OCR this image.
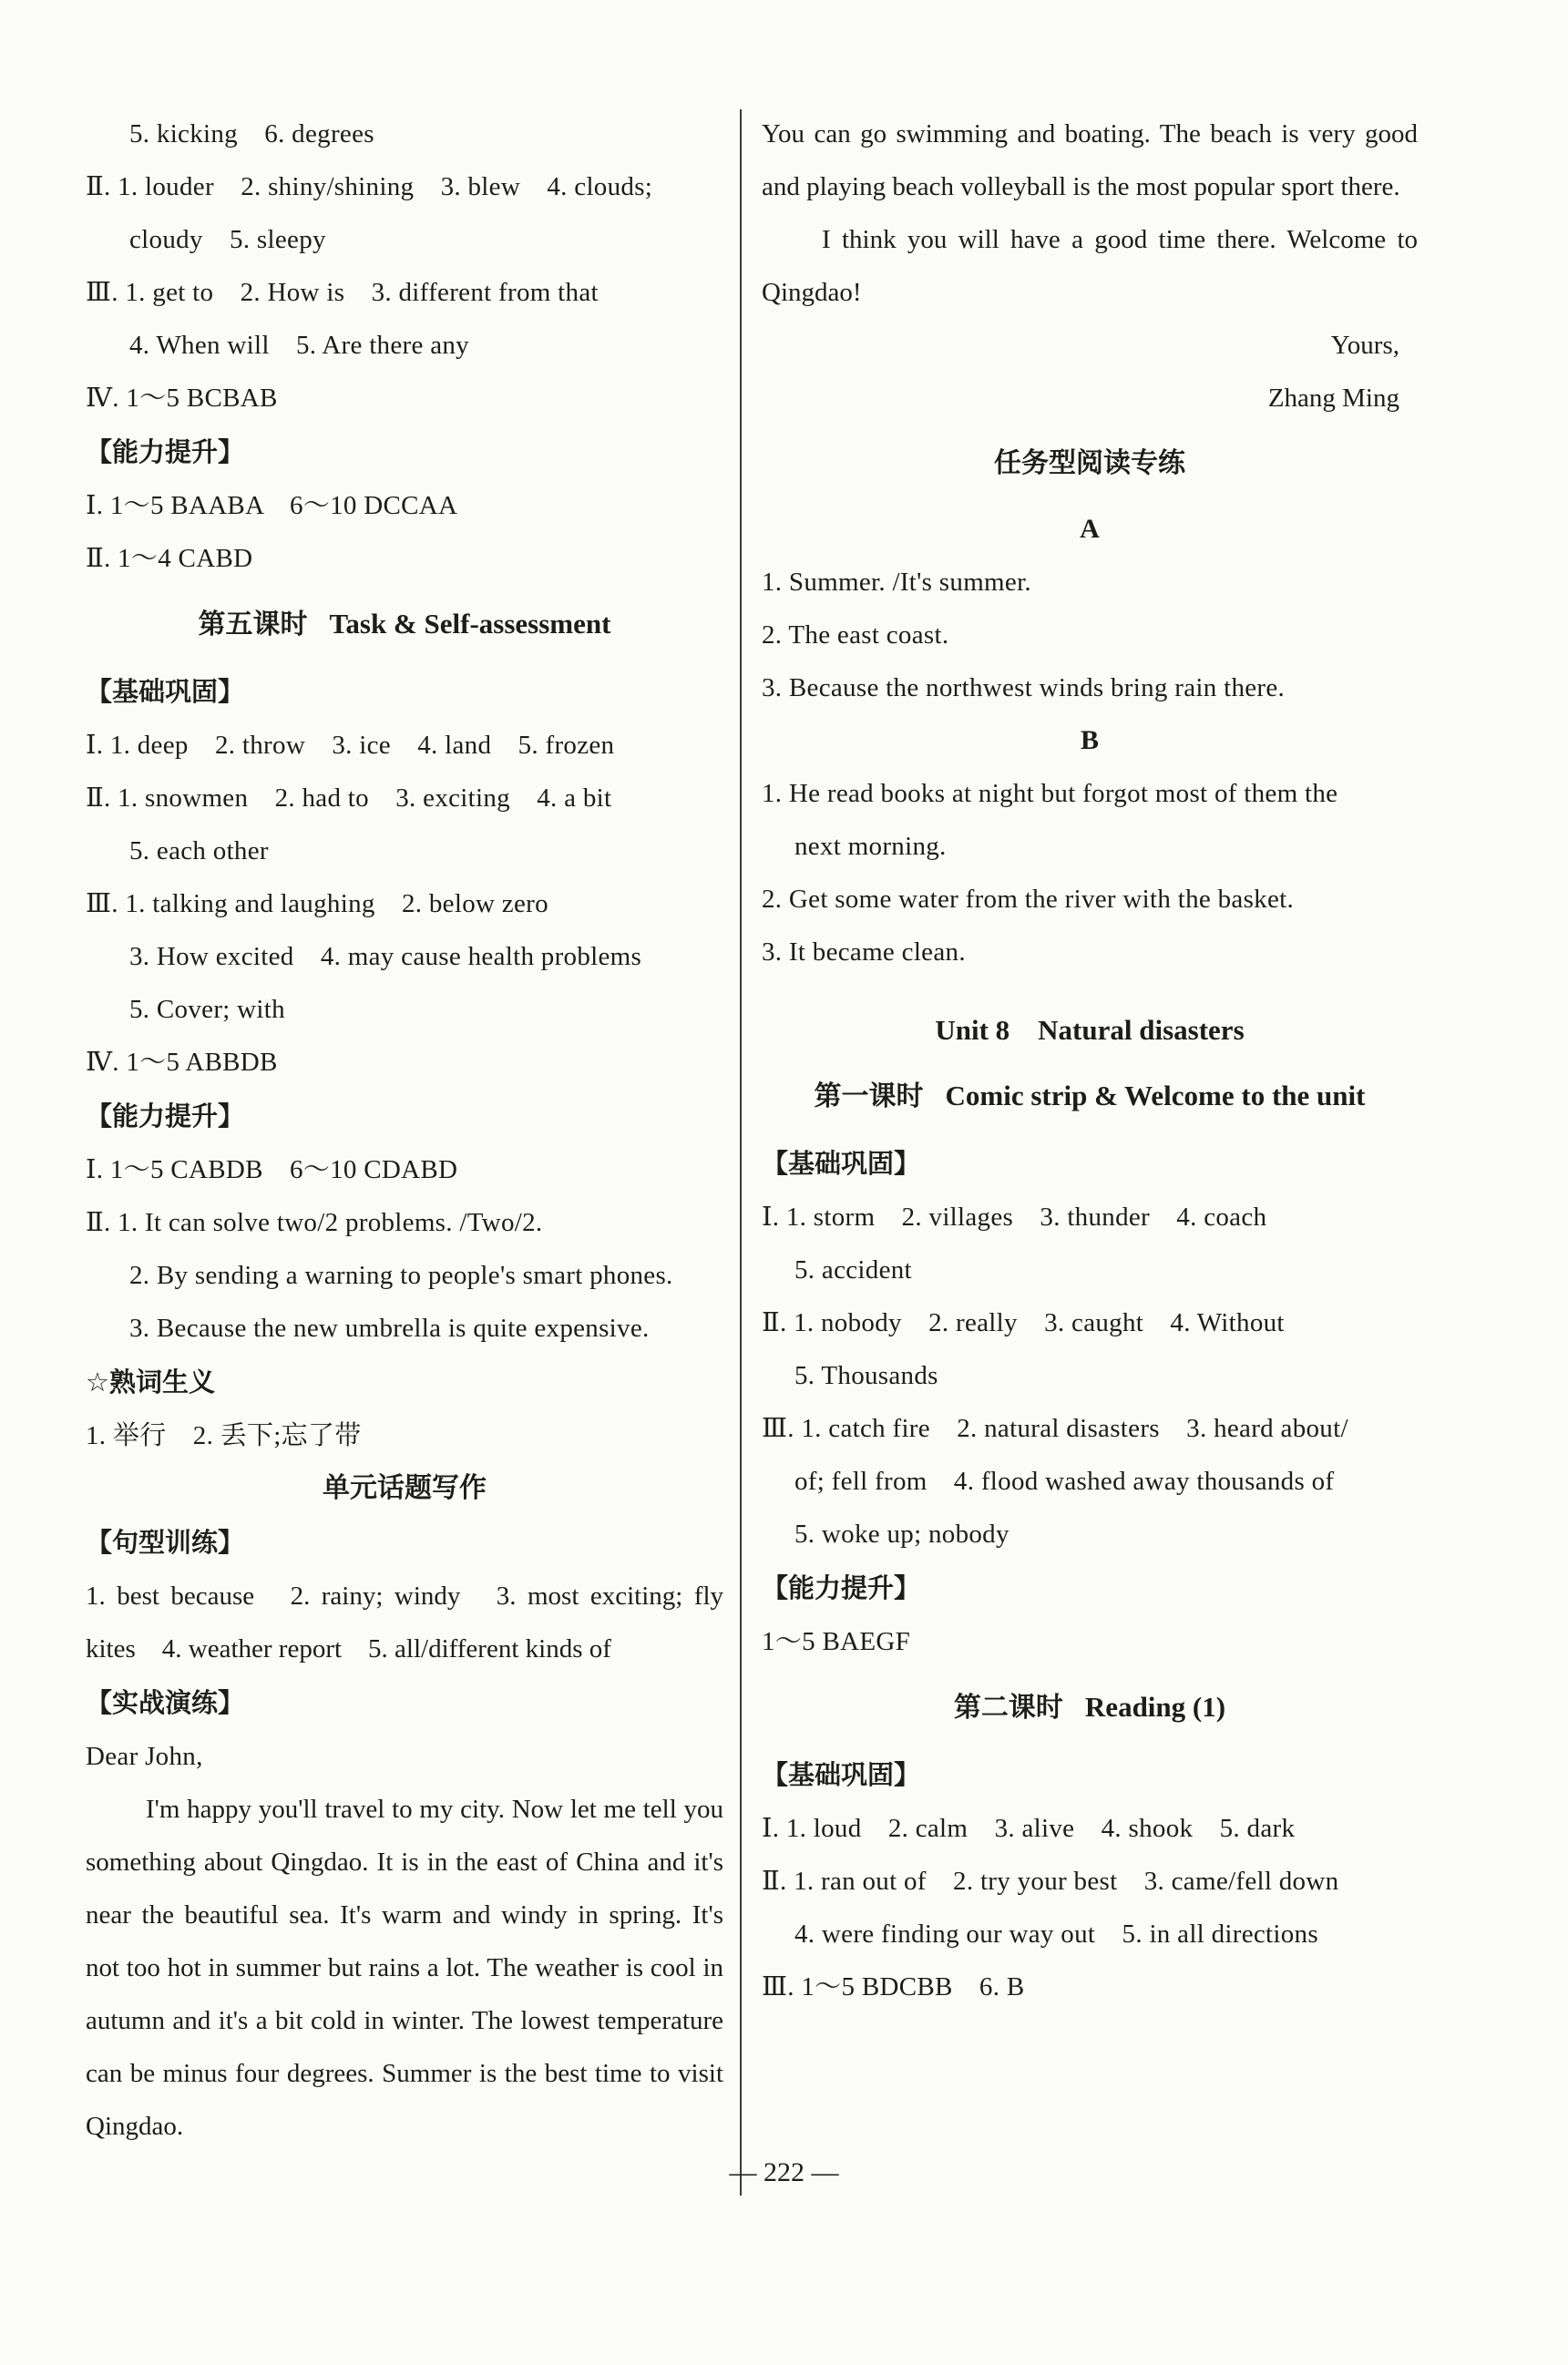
5. kicking　6. degrees
Ⅱ. 1. louder　2. shiny/shining　3. blew　4. clouds;
cloudy　5. sleepy
Ⅲ. 1. get to　2. How is　3. different from that
4. When will　5. Are there any
Ⅳ. 1～5 BCBAB
【能力提升】
Ⅰ. 1～5 BAABA　6～10 DCCAA
Ⅱ. 1～4 CABD
第五课时 Task & Self-assessment
【基础巩固】
Ⅰ. 1. deep　2. throw　3. ice　4. land　5. frozen
Ⅱ. 1. snowmen　2. had to　3. exciting　4. a bit
5. each other
Ⅲ. 1. talking and laughing　2. below zero
3. How excited　4. may cause health problems
5. Cover; with
Ⅳ. 1～5 ABBDB
【能力提升】
Ⅰ. 1～5 CABDB　6～10 CDABD
Ⅱ. 1. It can solve two/2 problems. /Two/2.
2. By sending a warning to people's smart phones.
3. Because the new umbrella is quite expensive.
☆熟词生义
1. 举行　2. 丢下;忘了带
单元话题写作
【句型训练】
1. best because　2. rainy; windy　3. most exciting; fly kites　4. weather report　5. all/different kinds of
【实战演练】
Dear John,
I'm happy you'll travel to my city. Now let me tell you something about Qingdao. It is in the east of China and it's near the beautiful sea. It's warm and windy in spring. It's not too hot in summer but rains a lot. The weather is cool in autumn and it's a bit cold in winter. The lowest temperature can be minus four degrees. Summer is the best time to visit Qingdao.
You can go swimming and boating. The beach is very good and playing beach volleyball is the most popular sport there.
I think you will have a good time there. Welcome to Qingdao!
Yours,
Zhang Ming
任务型阅读专练
A
1. Summer. /It's summer.
2. The east coast.
3. Because the northwest winds bring rain there.
B
1. He read books at night but forgot most of them the
next morning.
2. Get some water from the river with the basket.
3. It became clean.
Unit 8　Natural disasters
第一课时 Comic strip & Welcome to the unit
【基础巩固】
Ⅰ. 1. storm　2. villages　3. thunder　4. coach
5. accident
Ⅱ. 1. nobody　2. really　3. caught　4. Without
5. Thousands
Ⅲ. 1. catch fire　2. natural disasters　3. heard about/
of; fell from　4. flood washed away thousands of
5. woke up; nobody
【能力提升】
1～5 BAEGF
第二课时 Reading (1)
【基础巩固】
Ⅰ. 1. loud　2. calm　3. alive　4. shook　5. dark
Ⅱ. 1. ran out of　2. try your best　3. came/fell down
4. were finding our way out　5. in all directions
Ⅲ. 1～5 BDCBB　6. B
— 222 —
